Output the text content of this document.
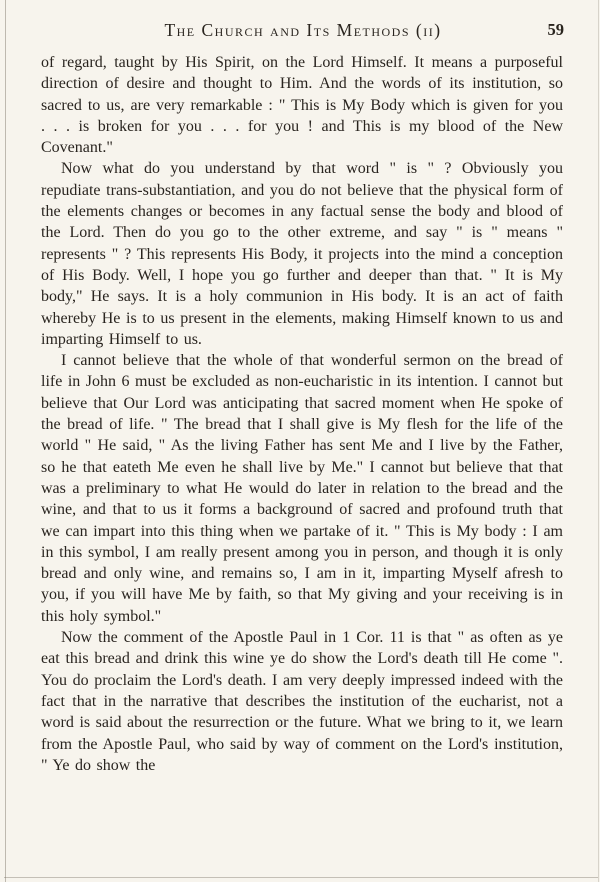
The Church and Its Methods (ii)	59

of regard, taught by His Spirit, on the Lord Himself. It means a purposeful direction of desire and thought to Him. And the words of its institution, so sacred to us, are very remarkable : " This is My Body which is given for you . . . is broken for you . . . for you ! and This is my blood of the New Covenant."

Now what do you understand by that word " is " ? Obviously you repudiate trans-substantiation, and you do not believe that the physical form of the elements changes or becomes in any factual sense the body and blood of the Lord. Then do you go to the other extreme, and say " is " means " represents " ? This represents His Body, it projects into the mind a conception of His Body. Well, I hope you go further and deeper than that. " It is My body," He says. It is a holy communion in His body. It is an act of faith whereby He is to us present in the elements, making Himself known to us and imparting Himself to us.

I cannot believe that the whole of that wonderful sermon on the bread of life in John 6 must be excluded as non-eucharistic in its intention. I cannot but believe that Our Lord was anticipating that sacred moment when He spoke of the bread of life. " The bread that I shall give is My flesh for the life of the world " He said, " As the living Father has sent Me and I live by the Father, so he that eateth Me even he shall live by Me." I cannot but believe that that was a preliminary to what He would do later in relation to the bread and the wine, and that to us it forms a background of sacred and profound truth that we can impart into this thing when we partake of it. " This is My body : I am in this symbol, I am really present among you in person, and though it is only bread and only wine, and remains so, I am in it, imparting Myself afresh to you, if you will have Me by faith, so that My giving and your receiving is in this holy symbol."

Now the comment of the Apostle Paul in 1 Cor. 11 is that " as often as ye eat this bread and drink this wine ye do show the Lord's death till He come ". You do proclaim the Lord's death. I am very deeply impressed indeed with the fact that in the narrative that describes the institution of the eucharist, not a word is said about the resurrection or the future. What we bring to it, we learn from the Apostle Paul, who said by way of comment on the Lord's institution, " Ye do show the
